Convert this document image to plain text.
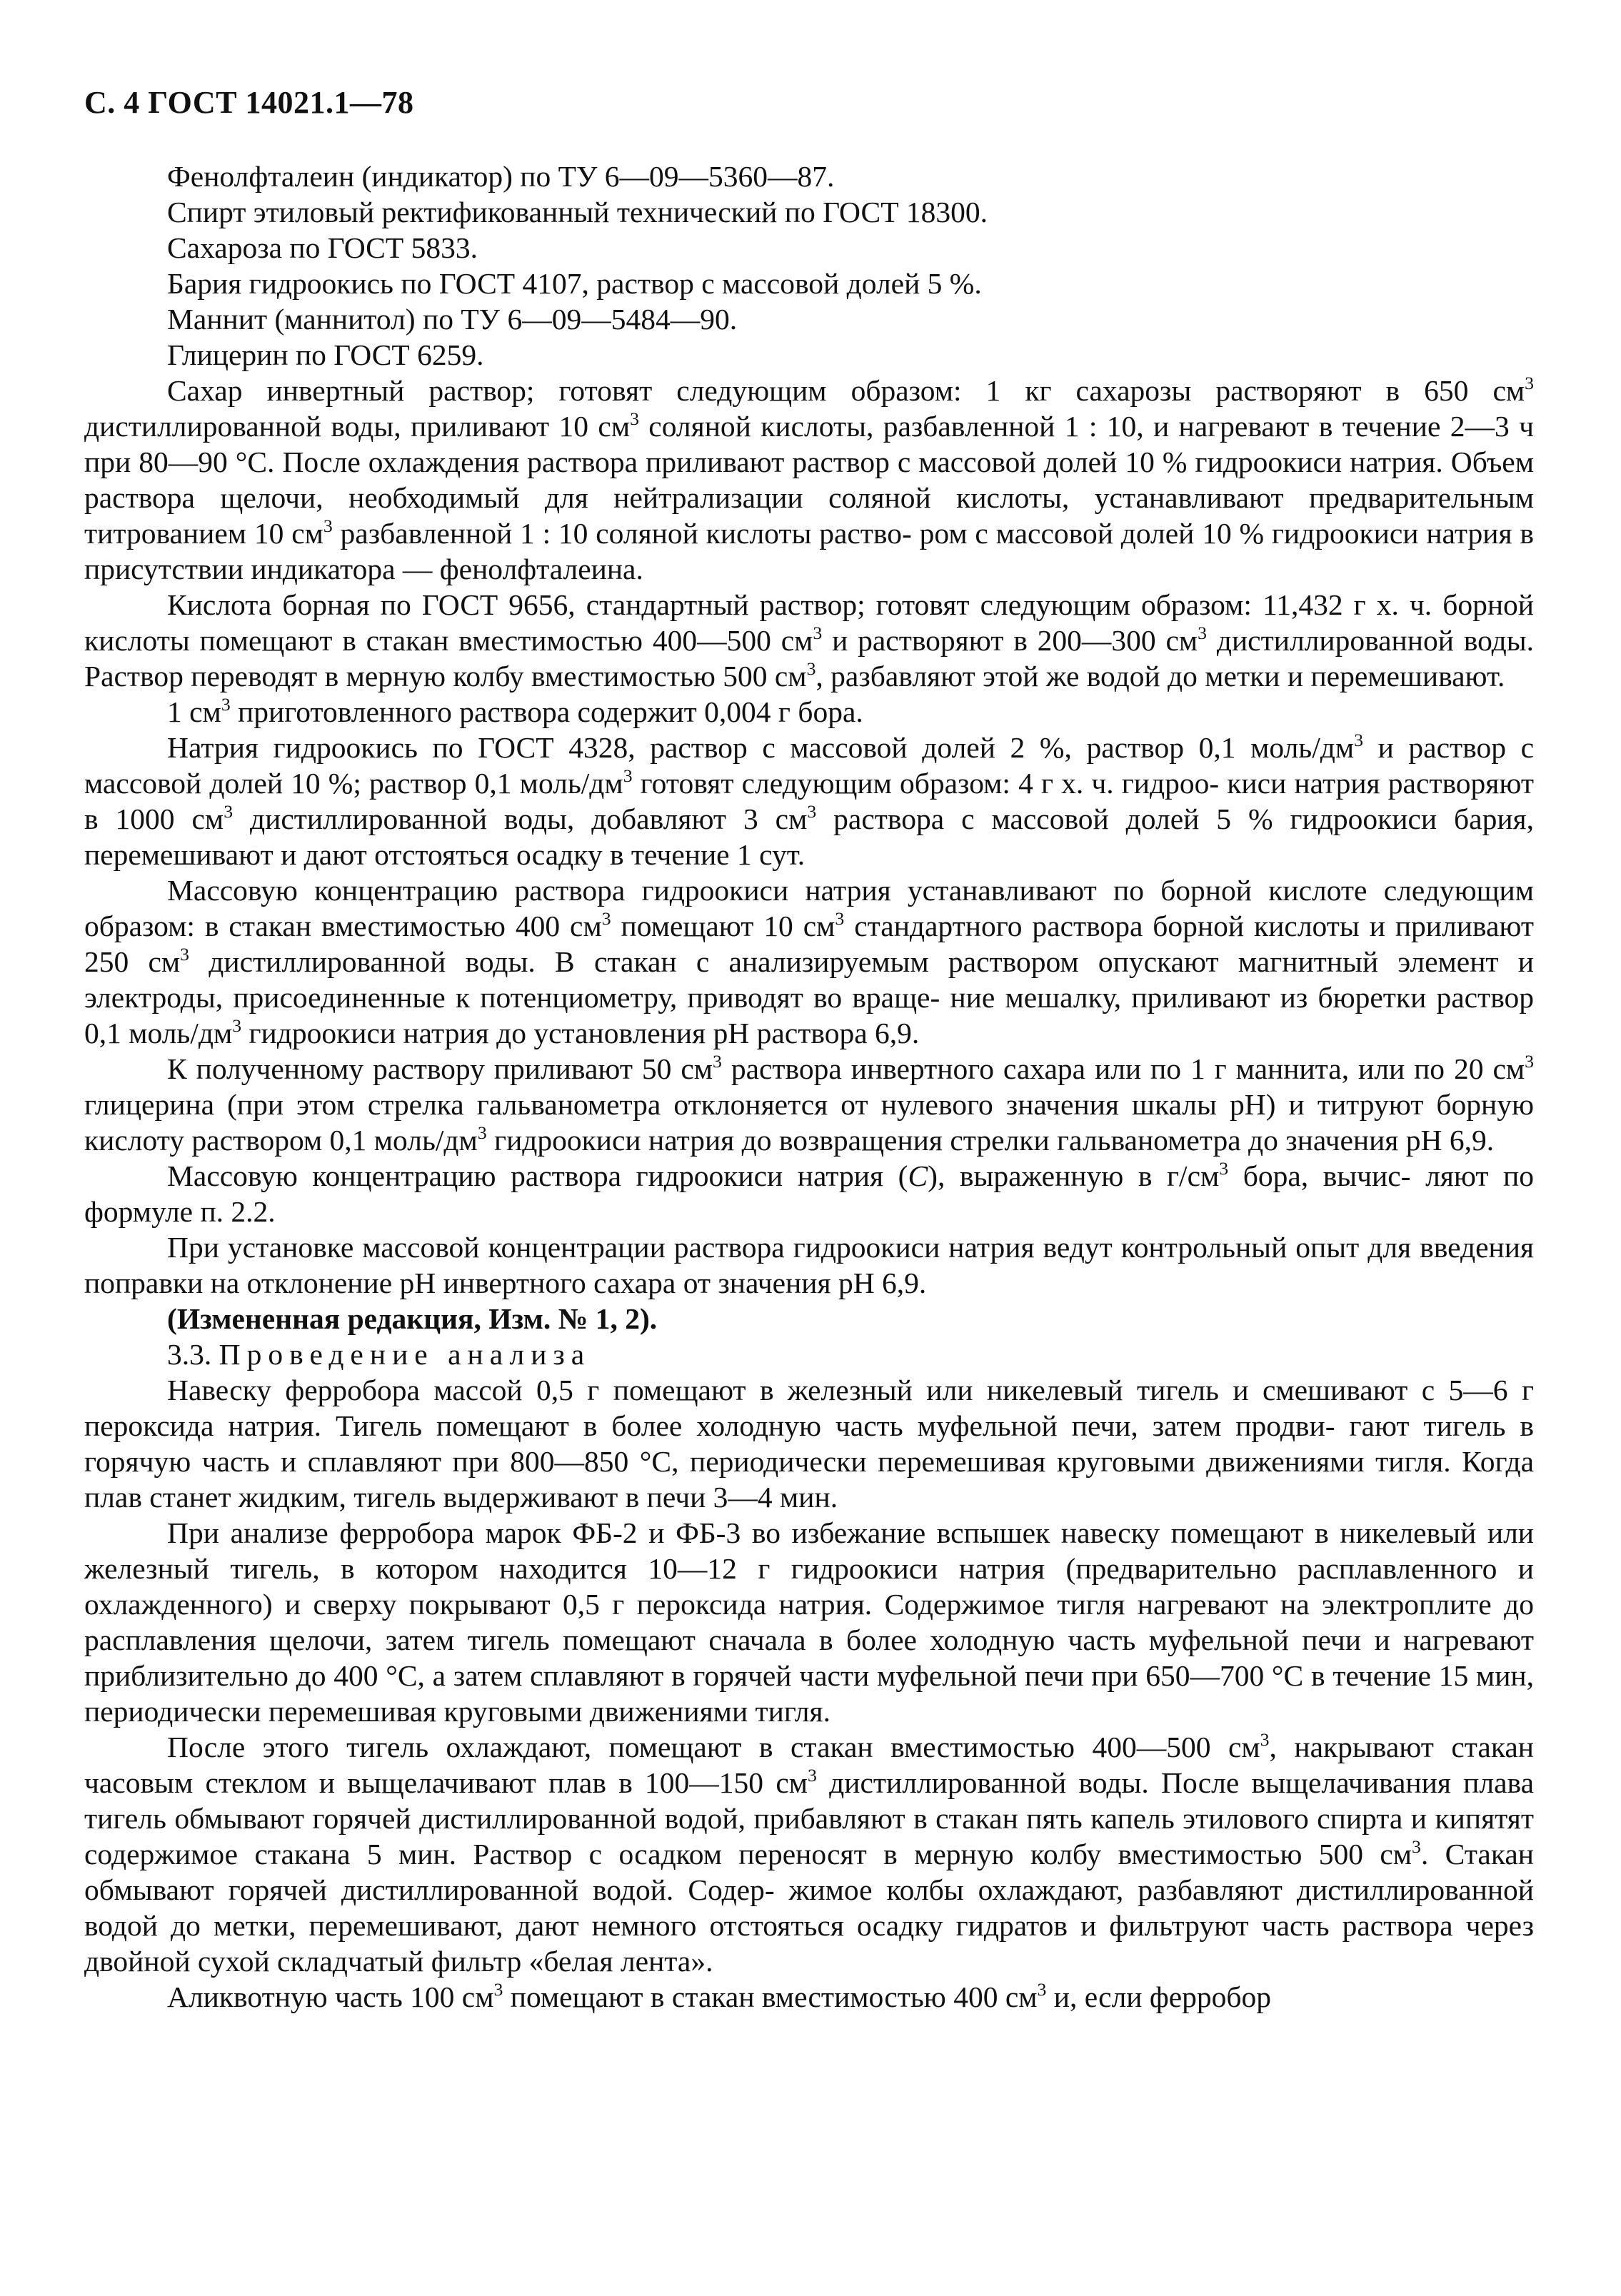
С. 4 ГОСТ 14021.1—78

Фенолфталеин (индикатор) по ТУ 6—09—5360—87.

Спирт этиловый ректификованный технический по ГОСТ 18300.

Сахароза по ГОСТ 5833.

Бария гидроокись по ГОСТ 4107, раствор с массовой долей 5 %.

Маннит (маннитол) по ТУ 6—09—5484—90.

Глицерин по ГОСТ 6259.

Сахар инвертный раствор; готовят следующим образом: 1 кг сахарозы растворяют в 650 $см^3$ дистиллированной воды, приливают 10 $см^3$ соляной кислоты, разбавленной 1 : 10, и нагревают в течение 2—3 ч при 80—90 °С. После охлаждения раствора приливают раствор с массовой долей 10 % гидроокиси натрия. Объем раствора щелочи, необходимый для нейтрализации соляной кислоты, устанавливают предварительным титрованием 10 $см^3$ разбавленной 1 : 10 соляной кислоты раство- ром с массовой долей 10 % гидроокиси натрия в присутствии индикатора — фенолфталеина.

Кислота борная по ГОСТ 9656, стандартный раствор; готовят следующим образом: 11,432 г х. ч. борной кислоты помещают в стакан вместимостью 400—500 $см^3$ и растворяют в 200—300 $см^3$ дистиллированной воды. Раствор переводят в мерную колбу вместимостью 500 $см^3$, разбавляют этой же водой до метки и перемешивают.

1 $см^3$ приготовленного раствора содержит 0,004 г бора.

Натрия гидроокись по ГОСТ 4328, раствор с массовой долей 2 %, раствор 0,1 моль/$дм^3$ и раствор с массовой долей 10 %; раствор 0,1 моль/$дм^3$ готовят следующим образом: 4 г х. ч. гидроо- киси натрия растворяют в 1000 $см^3$ дистиллированной воды, добавляют 3 $см^3$ раствора с массовой долей 5 % гидроокиси бария, перемешивают и дают отстояться осадку в течение 1 сут.

Массовую концентрацию раствора гидроокиси натрия устанавливают по борной кислоте следующим образом: в стакан вместимостью 400 $см^3$ помещают 10 $см^3$ стандартного раствора борной кислоты и приливают 250 $см^3$ дистиллированной воды. В стакан с анализируемым раствором опускают магнитный элемент и электроды, присоединенные к потенциометру, приводят во враще- ние мешалку, приливают из бюретки раствор 0,1 моль/$дм^3$ гидроокиси натрия до установления рН раствора 6,9.

К полученному раствору приливают 50 $см^3$ раствора инвертного сахара или по 1 г маннита, или по 20 $см^3$ глицерина (при этом стрелка гальванометра отклоняется от нулевого значения шкалы рН) и титруют борную кислоту раствором 0,1 моль/$дм^3$ гидроокиси натрия до возвращения стрелки гальванометра до значения рН 6,9.

Массовую концентрацию раствора гидроокиси натрия (C), выраженную в $г/см^3$ бора, вычис- ляют по формуле п. 2.2.

При установке массовой концентрации раствора гидроокиси натрия ведут контрольный опыт для введения поправки на отклонение рН инвертного сахара от значения рН 6,9.

(Измененная редакция, Изм. № 1, 2).

3.3. Проведение анализа

Навеску ферробора массой 0,5 г помещают в железный или никелевый тигель и смешивают с 5—6 г пероксида натрия. Тигель помещают в более холодную часть муфельной печи, затем продви- гают тигель в горячую часть и сплавляют при 800—850 °С, периодически перемешивая круговыми движениями тигля. Когда плав станет жидким, тигель выдерживают в печи 3—4 мин.

При анализе ферробора марок ФБ-2 и ФБ-3 во избежание вспышек навеску помещают в никелевый или железный тигель, в котором находится 10—12 г гидроокиси натрия (предварительно расплавленного и охлажденного) и сверху покрывают 0,5 г пероксида натрия. Содержимое тигля нагревают на электроплите до расплавления щелочи, затем тигель помещают сначала в более холодную часть муфельной печи и нагревают приблизительно до 400 °С, а затем сплавляют в горячей части муфельной печи при 650—700 °С в течение 15 мин, периодически перемешивая круговыми движениями тигля.

После этого тигель охлаждают, помещают в стакан вместимостью 400—500 $см^3$, накрывают стакан часовым стеклом и выщелачивают плав в 100—150 $см^3$ дистиллированной воды. После выщелачивания плава тигель обмывают горячей дистиллированной водой, прибавляют в стакан пять капель этилового спирта и кипятят содержимое стакана 5 мин. Раствор с осадком переносят в мерную колбу вместимостью 500 $см^3$. Стакан обмывают горячей дистиллированной водой. Содер- жимое колбы охлаждают, разбавляют дистиллированной водой до метки, перемешивают, дают немного отстояться осадку гидратов и фильтруют часть раствора через двойной сухой складчатый фильтр «белая лента».

Аликвотную часть 100 $см^3$ помещают в стакан вместимостью 400 $см^3$ и, если ферробор
